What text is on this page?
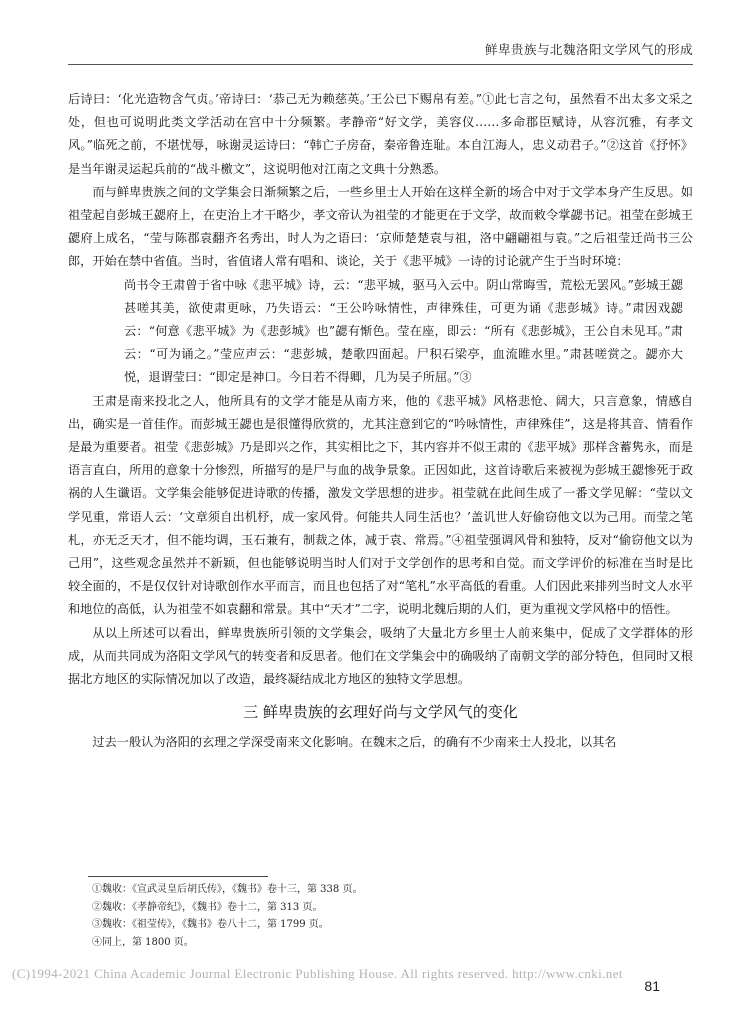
鲜卑贵族与北魏洛阳文学风气的形成

后诗曰：‘化光造物含气贞。’帝诗曰：‘恭己无为赖慈英。’王公已下赐帛有差。”①此七言之句，虽然看不出太多文采之处，但也可说明此类文学活动在宫中十分频繁。孝静帝“好文学，美容仪……多命郡臣赋诗，从容沉雅，有孝文风。”临死之前，不堪忧辱，咏谢灵运诗曰：“韩亡子房奋，秦帝鲁连耻。本自江海人，忠义动君子。”②这首《抒怀》是当年谢灵运起兵前的“战斗檄文”，这说明他对江南之文典十分熟悉。

而与鲜卑贵族之间的文学集会日渐频繁之后，一些乡里士人开始在这样全新的场合中对于文学本身产生反思。如祖莹起自彭城王勰府上，在吏治上才干略少，孝文帝认为祖莹的才能更在于文学，故而敕令掌勰书记。祖莹在彭城王勰府上成名，“莹与陈郡袁翻齐名秀出，时人为之语曰：‘京师楚楚袁与祖，洛中翩翩祖与袁。”之后祖莹迁尚书三公郎，开始在禁中省值。当时，省值诸人常有唱和、谈论，关于《悲平城》一诗的讨论就产生于当时环境：

尚书令王肃曾于省中咏《悲平城》诗，云：“悲平城，驱马入云中。阴山常晦雪，荒松无罢风。”彭城王勰甚嗟其美，欲使肃更咏，乃失语云：“王公吟咏情性，声律殊佳，可更为诵《悲彭城》诗。”肃因戏勰云：“何意《悲平城》为《悲彭城》也”勰有惭色。莹在座，即云：“所有《悲彭城》，王公自未见耳。”肃云：“可为诵之。”莹应声云：“悲彭城，楚歌四面起。尸积石梁亭，血流睢水里。”肃甚嗟赏之。勰亦大悦，退谓莹曰：“即定是神口。今日若不得卿，几为吴子所屈。”③

王肃是南来投北之人，他所具有的文学才能是从南方来，他的《悲平城》风格悲怆、阔大，只言意象，情感自出，确实是一首佳作。而彭城王勰也是很懂得欣赏的，尤其注意到它的“吟咏情性，声律殊佳”，这是将其音、情看作是最为重要者。祖莹《悲彭城》乃是即兴之作，其实相比之下，其内容并不似王肃的《悲平城》那样含蓄隽永，而是语言直白，所用的意象十分惨烈，所描写的是尸与血的战争景象。正因如此，这首诗歌后来被视为彭城王勰惨死于政祸的人生谶语。文学集会能够促进诗歌的传播，激发文学思想的进步。祖莹就在此间生成了一番文学见解：“莹以文学见重，常语人云：‘文章须自出机杼，成一家风骨。何能共人同生活也？’盖讥世人好偷窃他文以为己用。而莹之笔札，亦无乏天才，但不能均调，玉石兼有，制裁之体，减于袁、常焉。”④祖莹强调风骨和独特，反对“偷窃他文以为己用”，这些观念虽然并不新颖，但也能够说明当时人们对于文学创作的思考和自觉。而文学评价的标准在当时是比较全面的，不是仅仅针对诗歌创作水平而言，而且也包括了对“笔札”水平高低的看重。人们因此来排列当时文人水平和地位的高低，认为祖莹不如袁翻和常景。其中“天才”二字，说明北魏后期的人们，更为重视文学风格中的悟性。

从以上所述可以看出，鲜卑贵族所引领的文学集会，吸纳了大量北方乡里士人前来集中，促成了文学群体的形成，从而共同成为洛阳文学风气的转变者和反思者。他们在文学集会中的确吸纳了南朝文学的部分特色，但同时又根据北方地区的实际情况加以了改造，最终凝结成北方地区的独特文学思想。

三 鲜卑贵族的玄理好尚与文学风气的变化

过去一般认为洛阳的玄理之学深受南来文化影响。在魏末之后，的确有不少南来士人投北，以其名

①魏收：《宣武灵皇后胡氏传》，《魏书》卷十三，第 338 页。
②魏收：《孝静帝纪》，《魏书》卷十二，第 313 页。
③魏收：《祖莹传》，《魏书》卷八十二，第 1799 页。
④同上，第 1800 页。
(C)1994-2021 China Academic Journal Electronic Publishing House. All rights reserved. http://www.cnki.net
81
